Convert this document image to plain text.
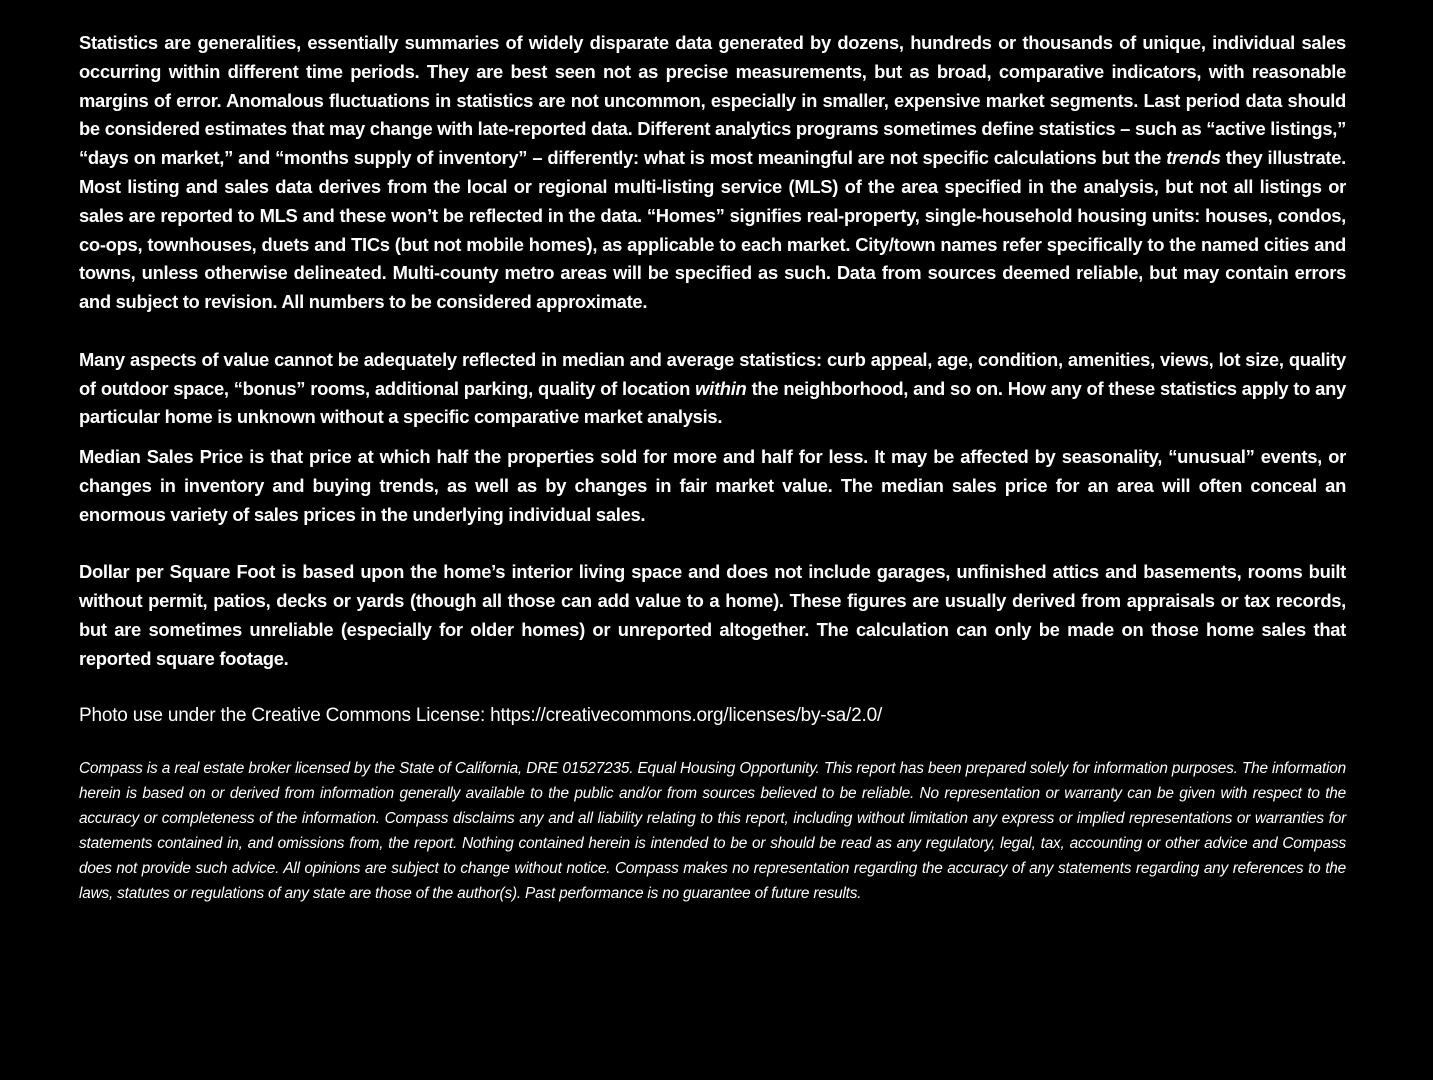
Statistics are generalities, essentially summaries of widely disparate data generated by dozens, hundreds or thousands of unique, individual sales occurring within different time periods. They are best seen not as precise measurements, but as broad, comparative indicators, with reasonable margins of error. Anomalous fluctuations in statistics are not uncommon, especially in smaller, expensive market segments. Last period data should be considered estimates that may change with late-reported data. Different analytics programs sometimes define statistics – such as “active listings,” “days on market,” and “months supply of inventory” – differently: what is most meaningful are not specific calculations but the trends they illustrate. Most listing and sales data derives from the local or regional multi-listing service (MLS) of the area specified in the analysis, but not all listings or sales are reported to MLS and these won’t be reflected in the data. “Homes” signifies real-property, single-household housing units: houses, condos, co-ops, townhouses, duets and TICs (but not mobile homes), as applicable to each market. City/town names refer specifically to the named cities and towns, unless otherwise delineated. Multi-county metro areas will be specified as such. Data from sources deemed reliable, but may contain errors and subject to revision. All numbers to be considered approximate.

Many aspects of value cannot be adequately reflected in median and average statistics: curb appeal, age, condition, amenities, views, lot size, quality of outdoor space, “bonus” rooms, additional parking, quality of location within the neighborhood, and so on. How any of these statistics apply to any particular home is unknown without a specific comparative market analysis.

Median Sales Price is that price at which half the properties sold for more and half for less. It may be affected by seasonality, “unusual” events, or changes in inventory and buying trends, as well as by changes in fair market value. The median sales price for an area will often conceal an enormous variety of sales prices in the underlying individual sales.

Dollar per Square Foot is based upon the home’s interior living space and does not include garages, unfinished attics and basements, rooms built without permit, patios, decks or yards (though all those can add value to a home). These figures are usually derived from appraisals or tax records, but are sometimes unreliable (especially for older homes) or unreported altogether. The calculation can only be made on those home sales that reported square footage.

Photo use under the Creative Commons License: https://creativecommons.org/licenses/by-sa/2.0/

Compass is a real estate broker licensed by the State of California, DRE 01527235. Equal Housing Opportunity. This report has been prepared solely for information purposes. The information herein is based on or derived from information generally available to the public and/or from sources believed to be reliable. No representation or warranty can be given with respect to the accuracy or completeness of the information. Compass disclaims any and all liability relating to this report, including without limitation any express or implied representations or warranties for statements contained in, and omissions from, the report. Nothing contained herein is intended to be or should be read as any regulatory, legal, tax, accounting or other advice and Compass does not provide such advice. All opinions are subject to change without notice. Compass makes no representation regarding the accuracy of any statements regarding any references to the laws, statutes or regulations of any state are those of the author(s). Past performance is no guarantee of future results.
